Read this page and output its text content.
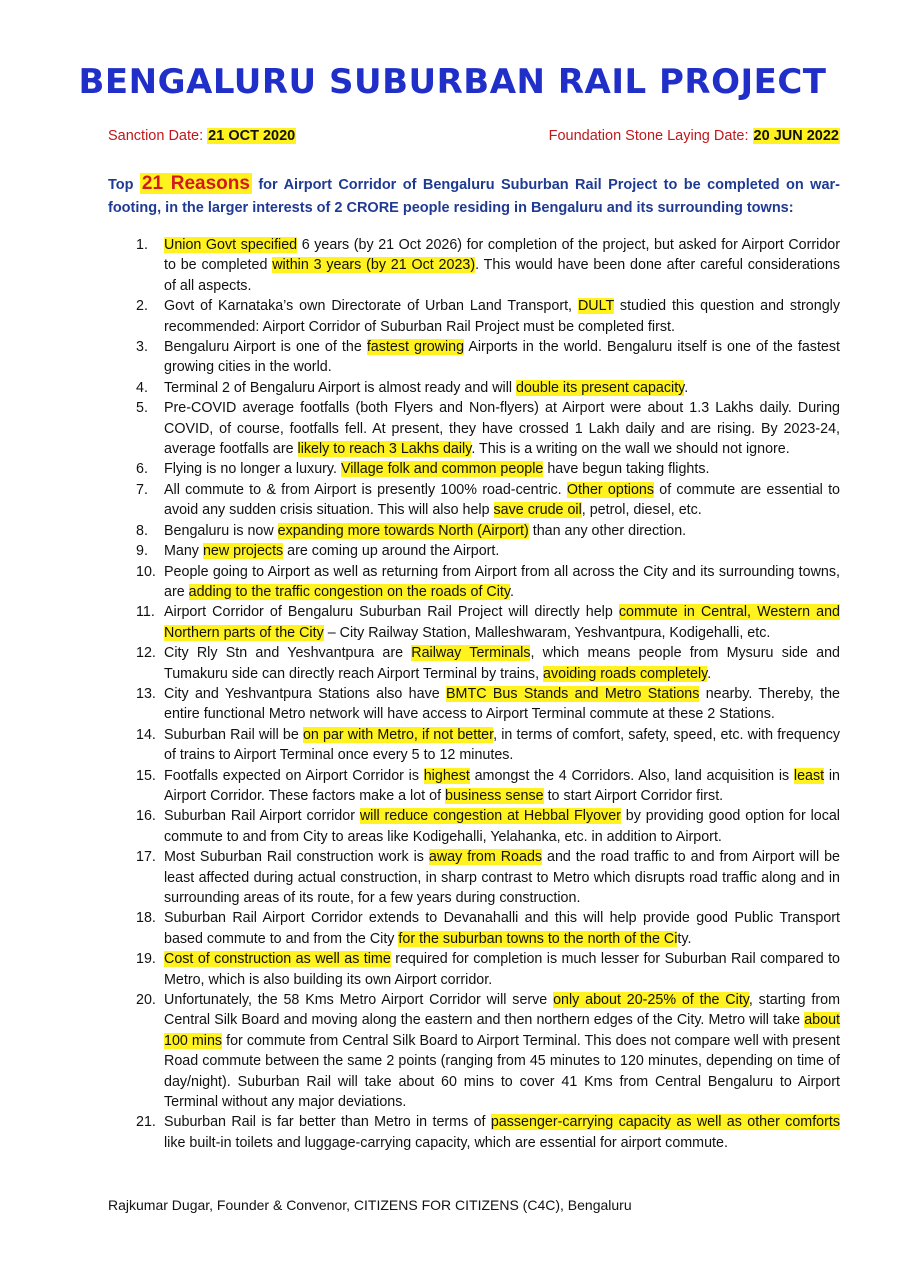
BENGALURU SUBURBAN RAIL PROJECT
Sanction Date: 21 OCT 2020	Foundation Stone Laying Date: 20 JUN 2022
Top 21 Reasons for Airport Corridor of Bengaluru Suburban Rail Project to be completed on war-footing, in the larger interests of 2 CRORE people residing in Bengaluru and its surrounding towns:
1.	Union Govt specified 6 years (by 21 Oct 2026) for completion of the project, but asked for Airport Corridor to be completed within 3 years (by 21 Oct 2023). This would have been done after careful considerations of all aspects.
2.	Govt of Karnataka’s own Directorate of Urban Land Transport, DULT studied this question and strongly recommended: Airport Corridor of Suburban Rail Project must be completed first.
3.	Bengaluru Airport is one of the fastest growing Airports in the world. Bengaluru itself is one of the fastest growing cities in the world.
4.	Terminal 2 of Bengaluru Airport is almost ready and will double its present capacity.
5.	Pre-COVID average footfalls (both Flyers and Non-flyers) at Airport were about 1.3 Lakhs daily. During COVID, of course, footfalls fell. At present, they have crossed 1 Lakh daily and are rising. By 2023-24, average footfalls are likely to reach 3 Lakhs daily. This is a writing on the wall we should not ignore.
6.	Flying is no longer a luxury. Village folk and common people have begun taking flights.
7.	All commute to & from Airport is presently 100% road-centric. Other options of commute are essential to avoid any sudden crisis situation. This will also help save crude oil, petrol, diesel, etc.
8.	Bengaluru is now expanding more towards North (Airport) than any other direction.
9.	Many new projects are coming up around the Airport.
10. People going to Airport as well as returning from Airport from all across the City and its surrounding towns, are adding to the traffic congestion on the roads of City.
11. Airport Corridor of Bengaluru Suburban Rail Project will directly help commute in Central, Western and Northern parts of the City – City Railway Station, Malleshwaram, Yeshvantpura, Kodigehalli, etc.
12. City Rly Stn and Yeshvantpura are Railway Terminals, which means people from Mysuru side and Tumakuru side can directly reach Airport Terminal by trains, avoiding roads completely.
13. City and Yeshvantpura Stations also have BMTC Bus Stands and Metro Stations nearby. Thereby, the entire functional Metro network will have access to Airport Terminal commute at these 2 Stations.
14. Suburban Rail will be on par with Metro, if not better, in terms of comfort, safety, speed, etc. with frequency of trains to Airport Terminal once every 5 to 12 minutes.
15. Footfalls expected on Airport Corridor is highest amongst the 4 Corridors. Also, land acquisition is least in Airport Corridor. These factors make a lot of business sense to start Airport Corridor first.
16. Suburban Rail Airport corridor will reduce congestion at Hebbal Flyover by providing good option for local commute to and from City to areas like Kodigehalli, Yelahanka, etc. in addition to Airport.
17. Most Suburban Rail construction work is away from Roads and the road traffic to and from Airport will be least affected during actual construction, in sharp contrast to Metro which disrupts road traffic along and in surrounding areas of its route, for a few years during construction.
18. Suburban Rail Airport Corridor extends to Devanahalli and this will help provide good Public Transport based commute to and from the City for the suburban towns to the north of the City.
19. Cost of construction as well as time required for completion is much lesser for Suburban Rail compared to Metro, which is also building its own Airport corridor.
20. Unfortunately, the 58 Kms Metro Airport Corridor will serve only about 20-25% of the City, starting from Central Silk Board and moving along the eastern and then northern edges of the City. Metro will take about 100 mins for commute from Central Silk Board to Airport Terminal. This does not compare well with present Road commute between the same 2 points (ranging from 45 minutes to 120 minutes, depending on time of day/night). Suburban Rail will take about 60 mins to cover 41 Kms from Central Bengaluru to Airport Terminal without any major deviations.
21. Suburban Rail is far better than Metro in terms of passenger-carrying capacity as well as other comforts like built-in toilets and luggage-carrying capacity, which are essential for airport commute.
Rajkumar Dugar, Founder & Convenor, CITIZENS FOR CITIZENS (C4C), Bengaluru
